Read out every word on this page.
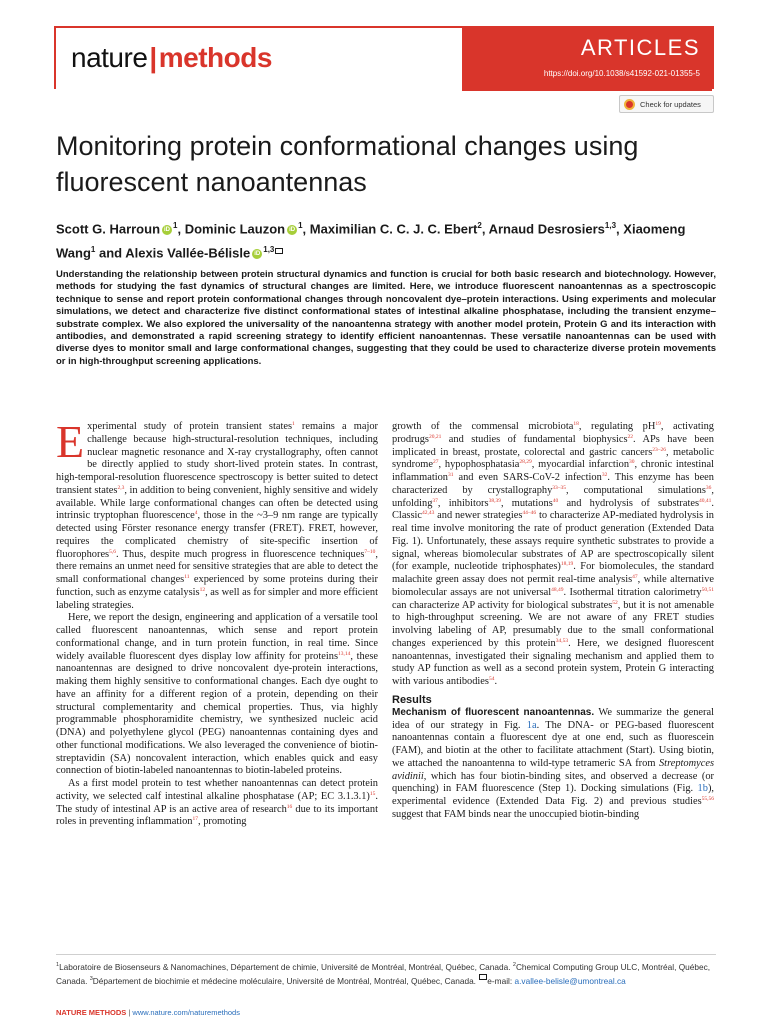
nature|methods	ARTICLES
https://doi.org/10.1038/s41592-021-01355-5
Check for updates
Monitoring protein conformational changes using fluorescent nanoantennas
Scott G. Harroun iD $^1$, Dominic Lauzon iD $^1$, Maximilian C. C. J. C. Ebert$^2$, Arnaud Desrosiers$^{1,3}$, Xiaomeng Wang$^1$ and Alexis Vallée-Bélisle iD $^{1,3}$
Understanding the relationship between protein structural dynamics and function is crucial for both basic research and biotechnology. However, methods for studying the fast dynamics of structural changes are limited. Here, we introduce fluorescent nanoantennas as a spectroscopic technique to sense and report protein conformational changes through noncovalent dye–protein interactions. Using experiments and molecular simulations, we detect and characterize five distinct conformational states of intestinal alkaline phosphatase, including the transient enzyme–substrate complex. We also explored the universality of the nanoantenna strategy with another model protein, Protein G and its interaction with antibodies, and demonstrated a rapid screening strategy to identify efficient nanoantennas. These versatile nanoantennas can be used with diverse dyes to monitor small and large conformational changes, suggesting that they could be used to characterize diverse protein movements or in high-throughput screening applications.

Experimental study of protein transient states$^1$ remains a major challenge because high-structural-resolution techniques, including nuclear magnetic resonance and X-ray crystallography, often cannot be directly applied to study short-lived protein states. In contrast, high-temporal-resolution fluorescence spectroscopy is better suited to detect transient states$^{2,3}$, in addition to being convenient, highly sensitive and widely available. While large conformational changes can often be detected using intrinsic tryptophan fluorescence$^4$, those in the ~3–9 nm range are typically detected using Förster resonance energy transfer (FRET). FRET, however, requires the complicated chemistry of site-specific insertion of fluorophores$^{5,6}$. Thus, despite much progress in fluorescence techniques$^{7-10}$, there remains an unmet need for sensitive strategies that are able to detect the small conformational changes$^{11}$ experienced by some proteins during their function, such as enzyme catalysis$^{12}$, as well as for simpler and more efficient labeling strategies.

Here, we report the design, engineering and application of a versatile tool called fluorescent nanoantennas, which sense and report protein conformational change, and in turn protein function, in real time. Since widely available fluorescent dyes display low affinity for proteins$^{13,14}$, these nanoantennas are designed to drive noncovalent dye-protein interactions, making them highly sensitive to conformational changes. Each dye ought to have an affinity for a different region of a protein, depending on their structural complementarity and chemical properties. Thus, via highly programmable phosphoramidite chemistry, we synthesized nucleic acid (DNA) and polyethylene glycol (PEG) nanoantennas containing dyes and other functional modifications. We also leveraged the convenience of biotin-streptavidin (SA) noncovalent interaction, which enables quick and easy connection of biotin-labeled nanoantennas to biotin-labeled proteins.

As a first model protein to test whether nanoantennas can detect protein activity, we selected calf intestinal alkaline phosphatase (AP; EC 3.1.3.1)$^{15}$. The study of intestinal AP is an active area of research$^{16}$ due to its important roles in preventing inflammation$^{17}$, promoting

growth of the commensal microbiota$^{18}$, regulating $pH^{19}$, activating prodrugs$^{20,21}$ and studies of fundamental biophysics$^{22}$. APs have been implicated in breast, prostate, colorectal and gastric cancers$^{23-26}$, metabolic syndrome$^{27}$, hypophosphatasia$^{28,29}$, myocardial infarction$^{30}$, chronic intestinal inflammation$^{31}$ and even SARS-CoV-2 infection$^{32}$. This enzyme has been characterized by crystallography$^{33-35}$, computational simulations$^{36}$, unfolding$^{37}$, inhibitors$^{38,39}$, mutations$^{40}$ and hydrolysis of substrates$^{40,41}$. Classic$^{42,43}$ and newer strategies$^{44-46}$ to characterize AP-mediated hydrolysis in real time involve monitoring the rate of product generation (Extended Data Fig. 1). Unfortunately, these assays require synthetic substrates to provide a signal, whereas biomolecular substrates of AP are spectroscopically silent (for example, nucleotide triphosphates)$^{18,19}$. For biomolecules, the standard malachite green assay does not permit real-time analysis$^{47}$, while alternative biomolecular assays are not universal$^{48,49}$. Isothermal titration calorimetry$^{50,51}$ can characterize AP activity for biological substrates$^{52}$, but it is not amenable to high-throughput screening. We are not aware of any FRET studies involving labeling of AP, presumably due to the small conformational changes experienced by this protein$^{34,53}$. Here, we designed fluorescent nanoantennas, investigated their signaling mechanism and applied them to study AP function as well as a second protein system, Protein G interacting with various antibodies$^{54}$.

Results

Mechanism of fluorescent nanoantennas. We summarize the general idea of our strategy in Fig. 1a. The DNA- or PEG-based fluorescent nanoantennas contain a fluorescent dye at one end, such as fluorescein (FAM), and biotin at the other to facilitate attachment (Start). Using biotin, we attached the nanoantenna to wild-type tetrameric SA from Streptomyces avidinii, which has four biotin-binding sites, and observed a decrease (or quenching) in FAM fluorescence (Step 1). Docking simulations (Fig. 1b), experimental evidence (Extended Data Fig. 2) and previous studies$^{55,56}$ suggest that FAM binds near the unoccupied biotin-binding

$^1$Laboratoire de Biosenseurs & Nanomachines, Département de chimie, Université de Montréal, Montréal, Québec, Canada. $^2$Chemical Computing Group ULC, Montréal, Québec, Canada. $^3$Département de biochimie et médecine moléculaire, Université de Montréal, Montréal, Québec, Canada. e-mail: a.vallee-belisle@umontreal.ca
NATURE METHODS | www.nature.com/naturemethods
